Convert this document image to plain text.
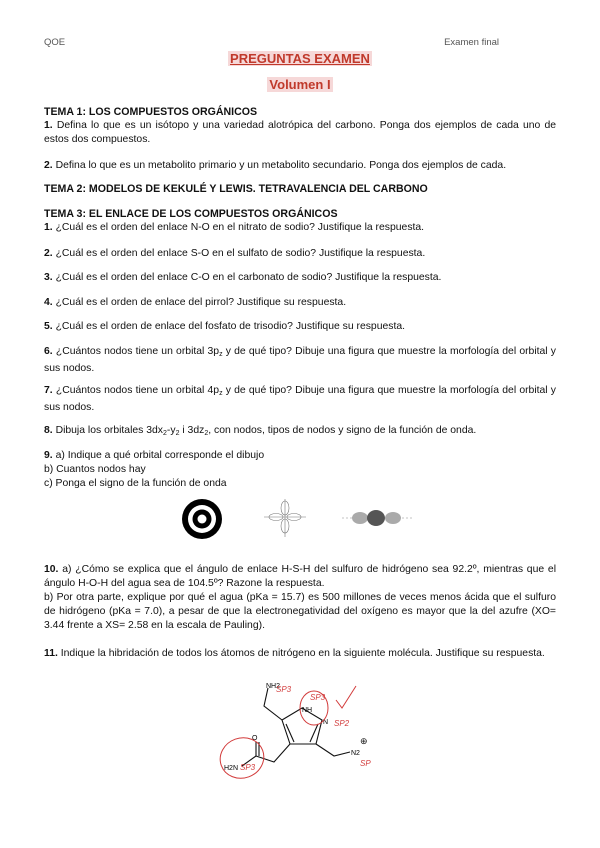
QOE	Examen final
PREGUNTAS EXAMEN
Volumen I
TEMA 1: LOS COMPUESTOS ORGÁNICOS
1. Defina lo que es un isótopo y una variedad alotrópica del carbono. Ponga dos ejemplos de cada uno de estos dos compuestos.
2. Defina lo que es un metabolito primario y un metabolito secundario. Ponga dos ejemplos de cada.
TEMA 2: MODELOS DE KEKULÉ Y LEWIS. TETRAVALENCIA DEL CARBONO
TEMA 3: EL ENLACE DE LOS COMPUESTOS ORGÁNICOS
1. ¿Cuál es el orden del enlace N-O en el nitrato de sodio? Justifique la respuesta.
2. ¿Cuál es el orden del enlace S-O en el sulfato de sodio? Justifique la respuesta.
3. ¿Cuál es el orden del enlace C-O en el carbonato de sodio? Justifique la respuesta.
4. ¿Cuál es el orden de enlace del pirrol? Justifique su respuesta.
5. ¿Cuál es el orden de enlace del fosfato de trisodio? Justifique su respuesta.
6. ¿Cuántos nodos tiene un orbital $3p_z$ y de qué tipo? Dibuje una figura que muestre la morfología del orbital y sus nodos.
7. ¿Cuántos nodos tiene un orbital $4p_z$ y de qué tipo? Dibuje una figura que muestre la morfología del orbital y sus nodos.
8. Dibuja los orbitales $3dx_2-y_2$ i $3dz_2$, con nodos, tipos de nodos y signo de la función de onda.
9. a) Indique a qué orbital corresponde el dibujo
b) Cuantos nodos hay
c) Ponga el signo de la función de onda
10. a) ¿Cómo se explica que el ángulo de enlace H-S-H del sulfuro de hidrógeno sea 92.2º, mientras que el ángulo H-O-H del agua sea de 104.5º? Razone la respuesta.
b) Por otra parte, explique por qué el agua (pKa = 15.7) es 500 millones de veces menos ácida que el sulfuro de hidrógeno (pKa = 7.0), a pesar de que la electronegatividad del oxígeno es mayor que la del azufre (XO= 3.44 frente a XS= 2.58 en la escala de Pauling).
11. Indique la hibridación de todos los átomos de nitrógeno en la siguiente molécula. Justifique su respuesta.
NH2
NH
N
O
H2N
N2
SP3
SP3
SP2
SP3	SP
⊕
